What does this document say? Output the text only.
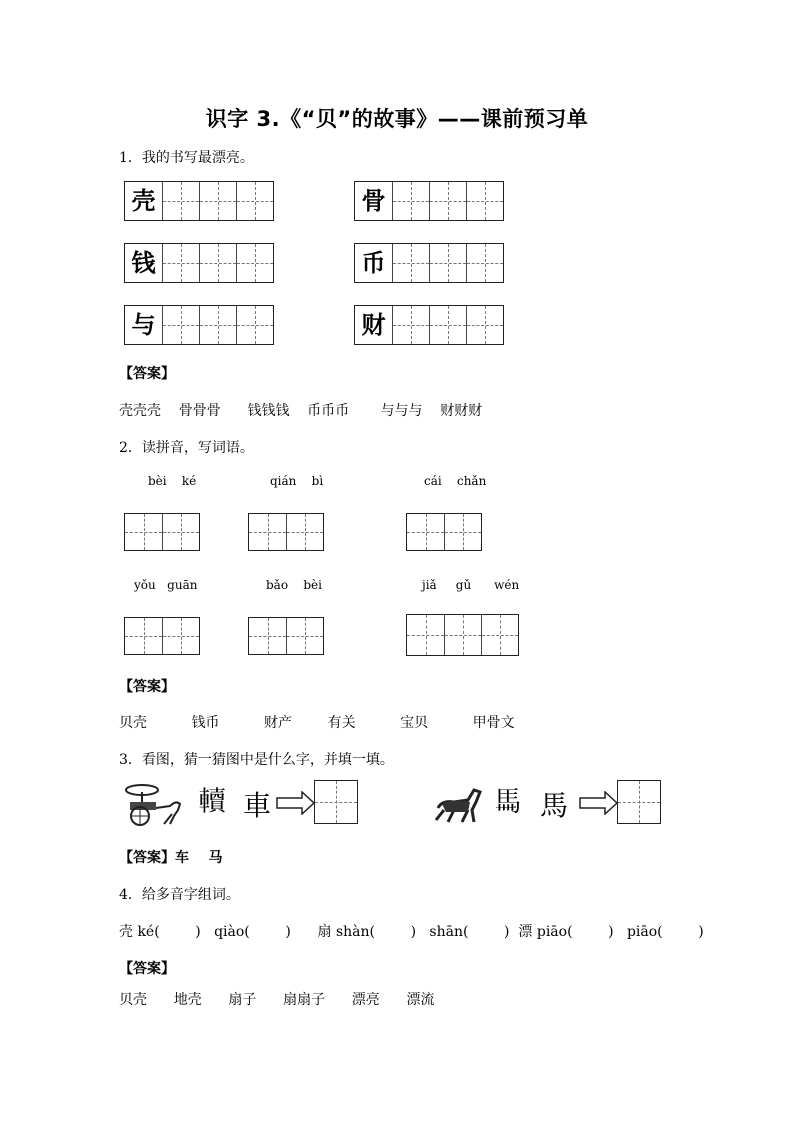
识字 3.《“贝”的故事》——课前预习单
1．我的书写最漂亮。
壳	骨
钱	币
与	财
【答案】
壳壳壳    骨骨骨      钱钱钱    币币币       与与与    财财财
2．读拼音，写词语。
bèi    ké	qián    bì	cái    chǎn
yǒu   guān	bǎo    bèi	jiǎ     gǔ      wén
【答案】
贝壳          钱币          财产        有关          宝贝          甲骨文
3．看图，猜一猜图中是什么字，并填一填。
𨏔 車	𩡧 馬
【答案】车    马
4．给多音字组词。
壳 ké(        )   qiào(        )      扇 shàn(        )   shān(        )  漂 piāo(        )   piāo(        )
【答案】
贝壳      地壳      扇子      扇扇子      漂亮      漂流
